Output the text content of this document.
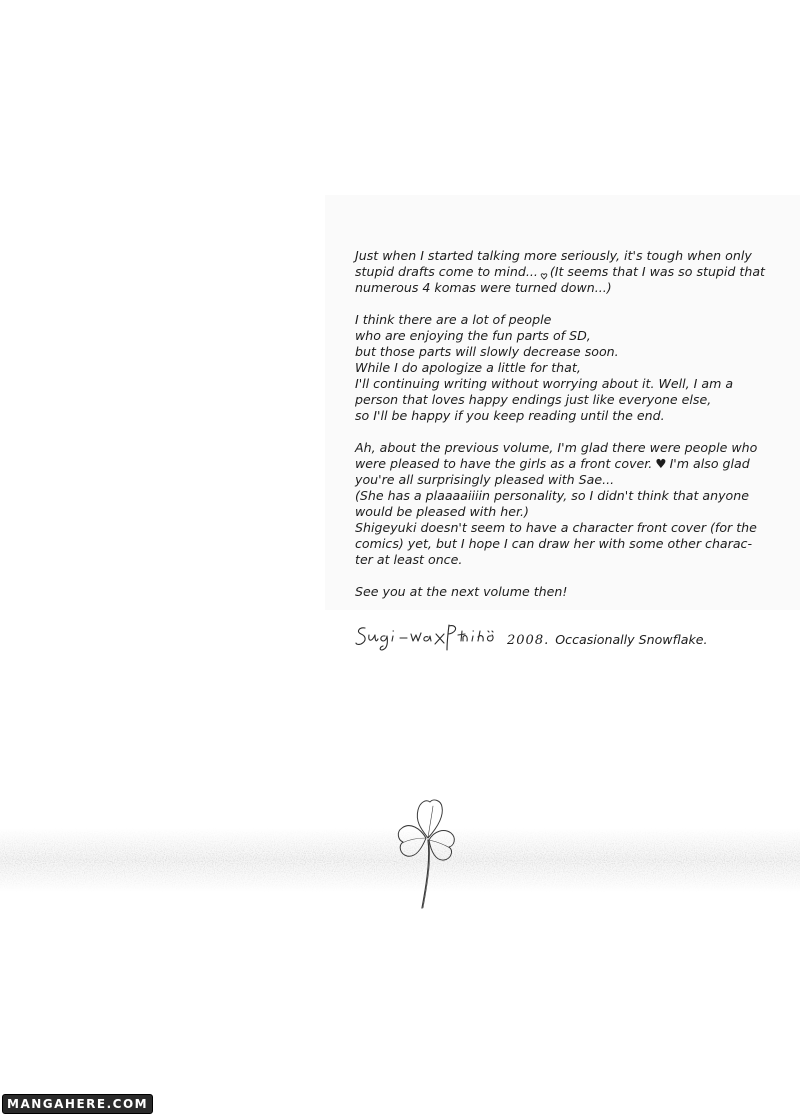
Just when I started talking more seriously, it's tough when only
stupid drafts come to mind... (It seems that I was so stupid that
numerous 4 komas were turned down...)

I think there are a lot of people
who are enjoying the fun parts of SD,
but those parts will slowly decrease soon.
While I do apologize a little for that,
I'll continuing writing without worrying about it. Well, I am a
person that loves happy endings just like everyone else,
so I'll be happy if you keep reading until the end.

Ah, about the previous volume, I'm glad there were people who
were pleased to have the girls as a front cover. ♥ I'm also glad
you're all surprisingly pleased with Sae...
(She has a plaaaaiiiin personality, so I didn't think that anyone
would be pleased with her.)
Shigeyuki doesn't seem to have a character front cover (for the
comics) yet, but I hope I can draw her with some other charac-
ter at least once.

See you at the next volume then!

2008. Occasionally Snowflake.
MANGAHERE.COM
